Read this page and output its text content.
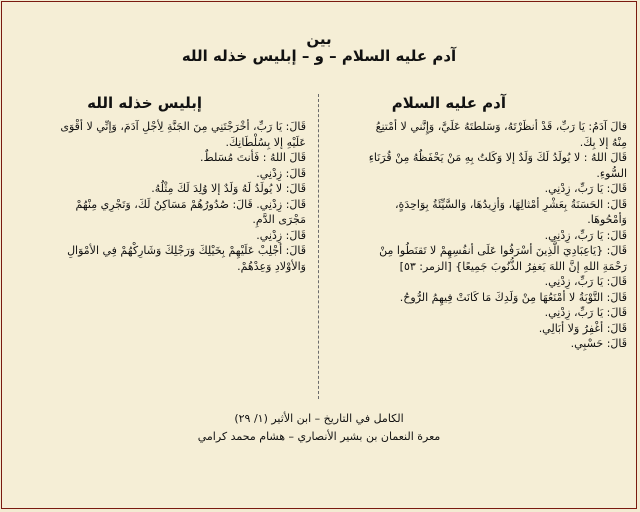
بين
آدم عليه السلام – و – إبليس خذله الله
آدم عليه السلام
إبليس خذله الله
قالَ آدَمُ: يَا رَبِّ، قَدْ أنظَرْتَهُ، وَسَلطتَهُ عَلَيَّ، وَإِنَّني لا أمْتنِعُ
مِنْهُ إلا بِكَ.
قَالَ اللهُ : لا يُولَدُ لَكَ وَلَدٌ إلا وَكَلتُ بِهِ مَنْ يَحْفَظُهُ مِنْ قُرَنَاءِ
السُّوءِ.
قَالَ: يَا رَبِّ، زِدْنِي.
قَالَ: الحَسَنَةُ بِعَشْرِ أمْثالِهَا، وَأزِيدُهَا، وَالسَّيِّئَةُ بِوَاحِدَةٍ،
وَأمْحُوهَا.
قَالَ: يَا رَبِّ، زِدْنِي.
قَالَ: {يَاعِبَادِيَ الَّذِينَ أسْرَفُوا عَلَى أنفُسِهِمْ لا تَقنَطُوا مِنْ
رَحْمَةِ اللهِ إنَّ اللهَ يَغفِرُ الذُّنُوبَ جَمِيعًا} [الزمر: ٥٣]
قَالَ: يَا رَبِّ، زِدْنِي.
قَالَ: التَّوْبَةُ لا أمْنَعُهَا مِنْ وَلَدِكَ مَا كَانَتْ فِيهِمُ الرُّوحُ.
قَالَ: يَا رَبِّ، زِدْنِي.
قَالَ: أغْفِرُ وَلا أبَالِي.
قَالَ: حَسْبِي.
قَالَ: يَا رَبِّ، أخْرَجْتَنِي مِنَ الجَنَّةِ لِأجْلِ آدَمَ، وَإنِّي لا أقْوَى
عَلَيْهِ إلا بِسُلْطَانِكَ.
قَالَ اللهُ : فَأنتَ مُسَلطٌ.
قَالَ: زِدْنِي.
قَالَ: لا يُولَدُ لَهُ وَلَدٌ إلا وُلِدَ لَكَ مِثْلُهُ.
قَالَ: زِدْنِي. قَالَ: صُدُورُهُمْ مَسَاكِنُ لَكَ، وَتَجْرِي مِنْهُمْ
مَجْرَى الدَّمِ.
قَالَ: زِدْنِي.
قَالَ: أجْلِبْ عَلَيْهِمْ بِخَيْلِكَ وَرَجْلِكَ وَشَارِكْهُمْ فِي الأمْوَالِ
وَالأوْلادِ وَعِدْهُمْ.
الكامل في التاريخ – ابن الأثير (١/ ٢٩)
معرة النعمان بن بشير الأنصاري – هشام محمد كرامي
